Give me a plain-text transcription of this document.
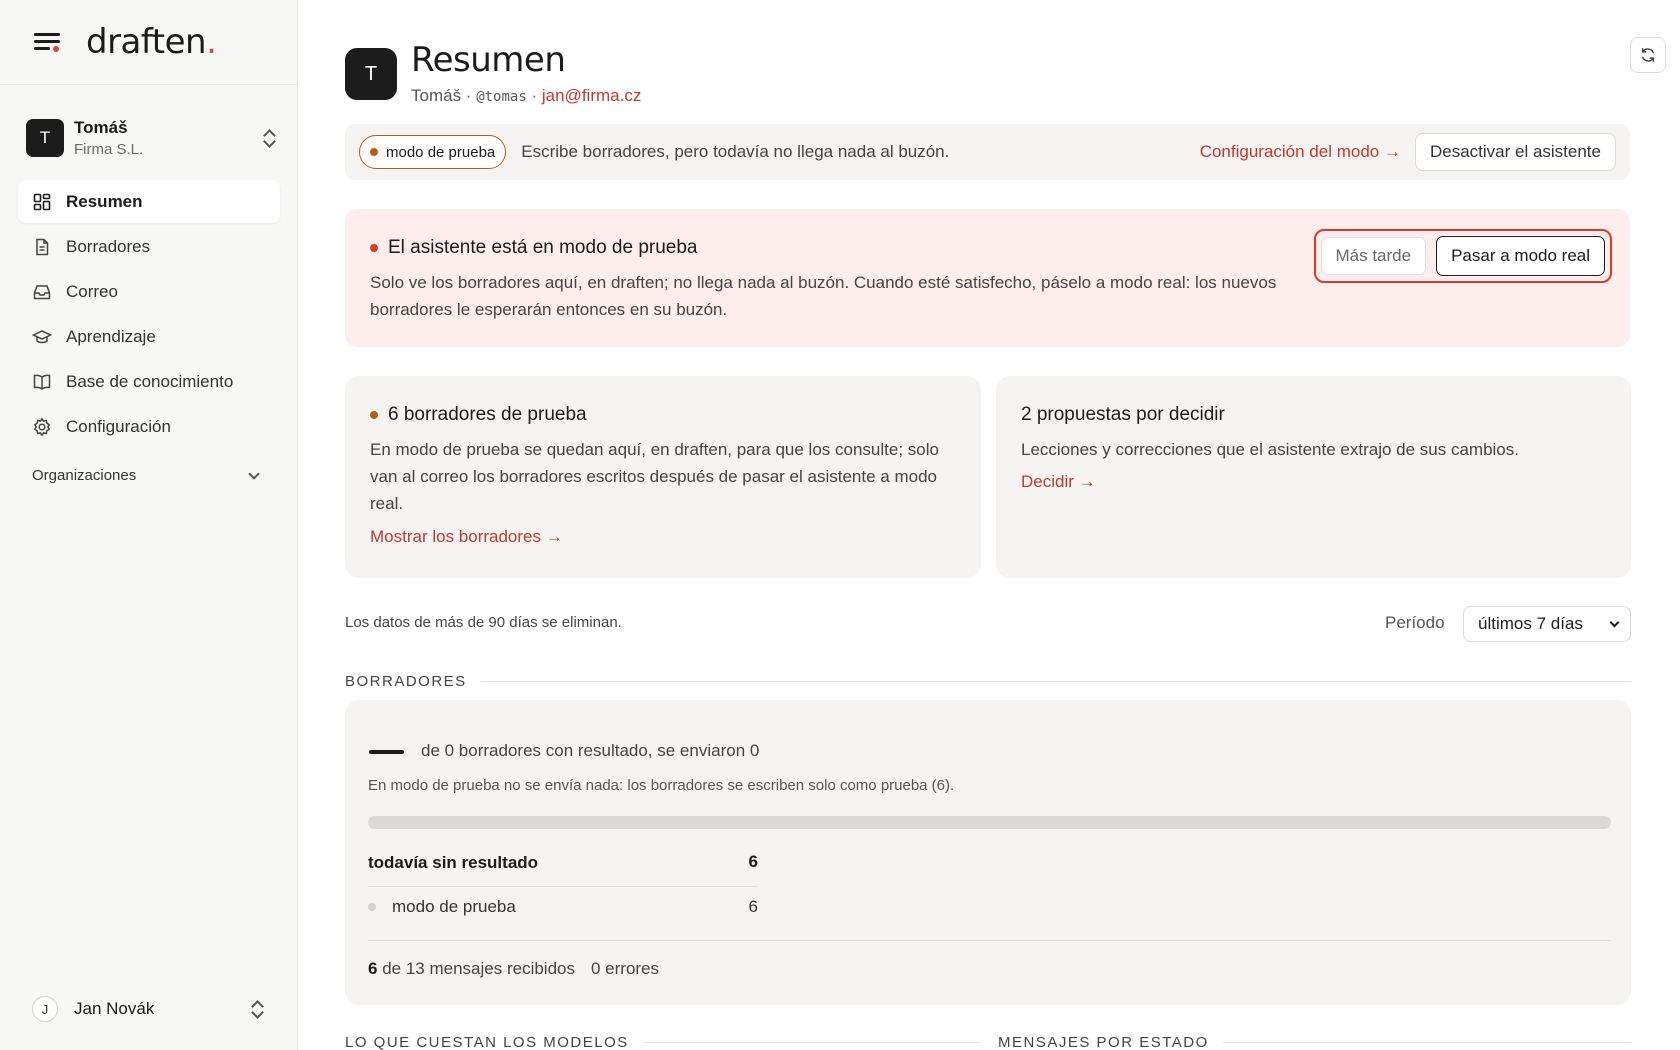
draften.
T
Tomáš
Firma S.L.
Resumen
Borradores
Correo
Aprendizaje
Base de conocimiento
Configuración
Organizaciones
J	Jan Novák
T Resumen
Tomáš · @tomas · jan@firma.cz
modo de prueba Escribe borradores, pero todavía no llega nada al buzón.	Configuración del modo →	Desactivar el asistente
El asistente está en modo de prueba
Solo ve los borradores aquí, en draften; no llega nada al buzón. Cuando esté satisfecho, páselo a modo real: los nuevos borradores le esperarán entonces en su buzón.
Más tarde	Pasar a modo real
6 borradores de prueba
En modo de prueba se quedan aquí, en draften, para que los consulte; solo van al correo los borradores escritos después de pasar el asistente a modo real.
Mostrar los borradores →
2 propuestas por decidir
Lecciones y correcciones que el asistente extrajo de sus cambios.
Decidir →
Los datos de más de 90 días se eliminan.	Período últimos 7 días
BORRADORES
de 0 borradores con resultado, se enviaron 0
En modo de prueba no se envía nada: los borradores se escriben solo como prueba (6).
todavía sin resultado	6
modo de prueba	6
6 de 13 mensajes recibidos 0 errores
LO QUE CUESTAN LOS MODELOS	MENSAJES POR ESTADO
